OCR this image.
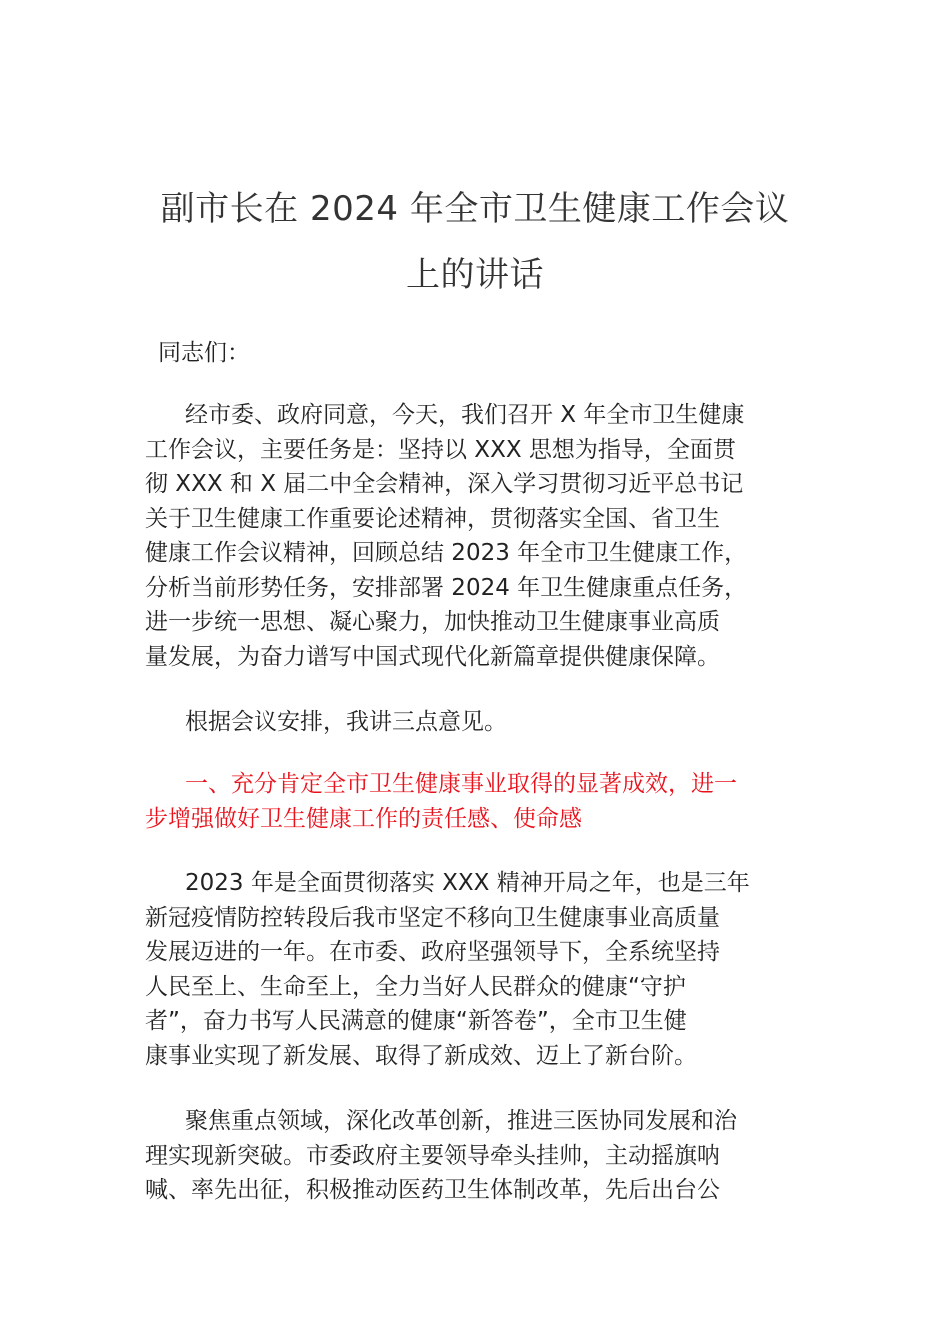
副市长在 2024 年全市卫生健康工作会议
上的讲话
同志们：

经市委、政府同意，今天，我们召开 X 年全市卫生健康
工作会议，主要任务是：坚持以 XXX 思想为指导，全面贯
彻 XXX 和 X 届二中全会精神，深入学习贯彻习近平总书记
关于卫生健康工作重要论述精神，贯彻落实全国、省卫生
健康工作会议精神，回顾总结 2023 年全市卫生健康工作，
分析当前形势任务，安排部署 2024 年卫生健康重点任务，
进一步统一思想、凝心聚力，加快推动卫生健康事业高质
量发展，为奋力谱写中国式现代化新篇章提供健康保障。

根据会议安排，我讲三点意见。

一、充分肯定全市卫生健康事业取得的显著成效，进一
步增强做好卫生健康工作的责任感、使命感

2023 年是全面贯彻落实 XXX 精神开局之年，也是三年
新冠疫情防控转段后我市坚定不移向卫生健康事业高质量
发展迈进的一年。在市委、政府坚强领导下，全系统坚持
人民至上、生命至上，全力当好人民群众的健康“守护
者”，奋力书写人民满意的健康“新答卷”，全市卫生健
康事业实现了新发展、取得了新成效、迈上了新台阶。

聚焦重点领域，深化改革创新，推进三医协同发展和治
理实现新突破。市委政府主要领导牵头挂帅，主动摇旗呐
喊、率先出征，积极推动医药卫生体制改革，先后出台公
